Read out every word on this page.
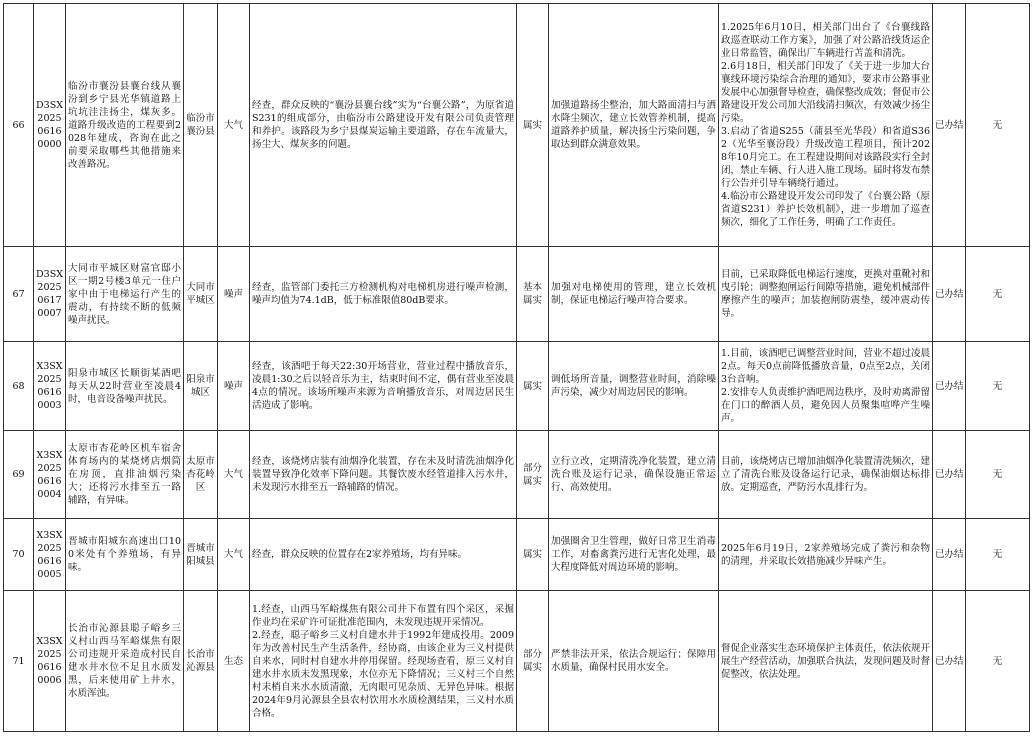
66	D3SX202506160000	临汾市襄汾县襄台线从襄汾到乡宁县光华镇道路上坑坑洼洼扬尘，煤灰多。道路升级改造的工程要到2028年建成，咨询在此之前要采取哪些其他措施来改善路况。	临汾市襄汾县	大气	经查，群众反映的“襄汾县襄台线”实为“台襄公路”，为原省道S231的组成部分，由临汾市公路建设开发有限公司负责管理和养护。该路段为乡宁县煤炭运输主要道路，存在车流量大，扬尘大、煤灰多的问题。	属实	加强道路扬尘整治，加大路面清扫与洒水降尘频次，建立长效管养机制，提高道路养护质量，解决扬尘污染问题，争取达到群众满意效果。	1.2025年6月10日，相关部门出台了《台襄线路政巡查联动工作方案》，加强了对公路沿线货运企业日常监管，确保出厂车辆进行苫盖和清洗。
2.6月18日，相关部门印发了《关于进一步加大台襄线环境污染综合治理的通知》，要求市公路事业发展中心加强督导检查，确保整改成效；督促市公路建设开发公司加大沿线清扫频次，有效减少扬尘污染。
3.启动了省道S255（蒲县至光华段）和省道S362（光华至襄汾段）升级改造工程项目，预计2028年10月完工。在工程建设期间对该路段实行全封闭，禁止车辆、行人进入施工现场。届时将发布禁行公告并引导车辆绕行通过。
4.临汾市公路建设开发公司印发了《台襄公路（原省道S231）养护长效机制》，进一步增加了巡查频次，细化了工作任务，明确了工作责任。	已办结	无
67	D3SX202506170007	大同市平城区财富官邸小区一期2号楼3单元一住户家中由于电梯运行产生的震动，有持续不断的低频噪声扰民。	大同市平城区	噪声	经查，监管部门委托三方检测机构对电梯机房进行噪声检测，噪声均值为74.1dB，低于标准限值80dB要求。	基本属实	加强对电梯使用的管理，建立长效机制，保证电梯运行噪声符合要求。	目前，已采取降低电梯运行速度，更换对重靴衬和曳引轮；调整抱闸运行间隙等措施，避免机械部件摩擦产生的噪声；加装抱闸防震垫，缓冲震动传导。	已办结	无
68	X3SX202506160003	阳泉市城区长顺街某酒吧每天从22时营业至凌晨4时，电音设备噪声扰民。	阳泉市城区	噪声	经查，该酒吧于每天22:30开场营业，营业过程中播放音乐，凌晨1:30之后以轻音乐为主，结束时间不定，偶有营业至凌晨4点的情况。该场所噪声来源为音响播放音乐，对周边居民生活造成了影响。	属实	调低场所音量，调整营业时间，消除噪声污染，减少对周边居民的影响。	1.目前，该酒吧已调整营业时间，营业不超过凌晨2点。每天0点前降低播放音量，0点至2点，关闭3台音响。
2.安排专人负责维护酒吧周边秩序，及时劝离滞留在门口的醉酒人员，避免因人员聚集喧哗产生噪声。	已办结	无
69	X3SX202506160004	太原市杏花岭区机车宿舍体育场内的某烧烤店烟筒在房顶，直排油烟污染大；还将污水排至五一路辅路，有异味。	太原市杏花岭区	大气	经查，该烧烤店装有油烟净化装置，存在未及时清洗油烟净化装置导致净化效率下降问题。其餐饮废水经管道排入污水井，未发现污水排至五一路辅路的情况。	部分属实	立行立改，定期清洗净化装置，建立清洗台账及运行记录，确保设施正常运行、高效使用。	目前，该烧烤店已增加油烟净化装置清洗频次，建立了清洗台账及设备运行记录，确保油烟达标排放。定期巡查，严防污水乱排行为。	已办结	无
70	X3SX202506160005	晋城市阳城东高速出口100米处有个养殖场，有异味。	晋城市阳城县	大气	经查，群众反映的位置存在2家养殖场，均有异味。	属实	加强圈舍卫生管理，做好日常卫生消毒工作，对畜禽粪污进行无害化处理，最大程度降低对周边环境的影响。	2025年6月19日，2家养殖场完成了粪污和杂物的清理，并采取长效措施减少异味产生。	已办结	无
71	X3SX202506160006	长治市沁源县聪子峪乡三义村山西马军峪煤焦有限公司违规开采造成村民自建水井水位不足且水质发黑，后来使用矿上井水，水质浑浊。	长治市沁源县	生态	1.经查，山西马军峪煤焦有限公司井下布置有四个采区，采掘作业均在采矿许可证批准范围内，未发现违规开采情况。
2.经查，聪子峪乡三义村自建水井于1992年建成投用。2009年为改善村民生产生活条件，经协商，由该企业为三义村提供自来水，同时村自建水井停用保留。经现场查看，原三义村自建水井水质未发黑现象，水位亦无下降情况；三义村三个自然村末梢自来水水质清澈，无肉眼可见杂质、无异色异味。根据2024年9月沁源县全县农村饮用水水质检测结果，三义村水质合格。	部分属实	严禁非法开采，依法合规运行；保障用水质量，确保村民用水安全。	督促企业落实生态环境保护主体责任，依法依规开展生产经营活动，加强联合执法，发现问题及时督促整改，依法处理。	已办结	无
